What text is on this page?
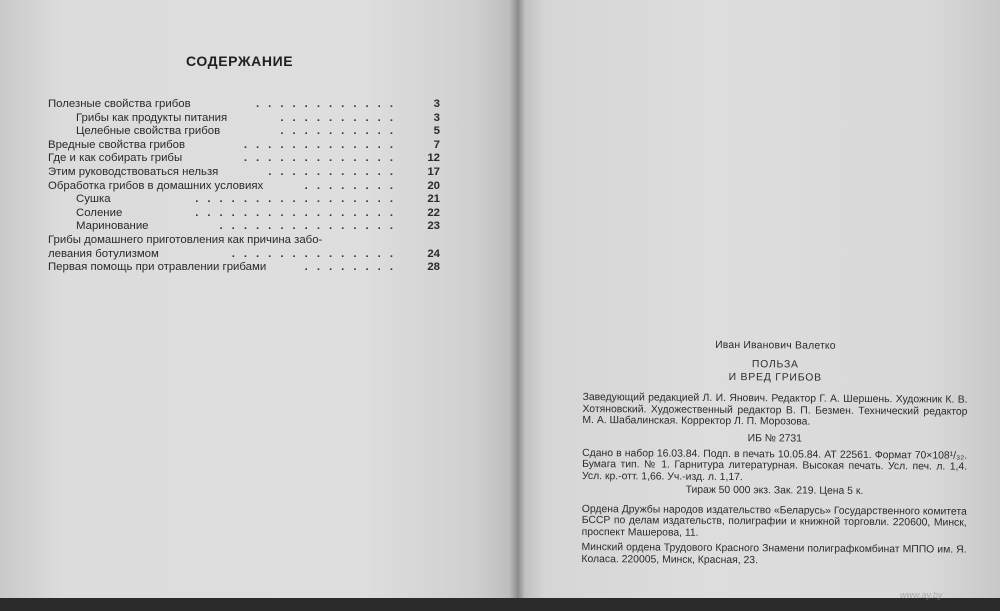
СОДЕРЖАНИЕ
............
Полезные свойства грибов	3
..........
Грибы как продукты питания	3
..........
Целебные свойства грибов	5
.............
Вредные свойства грибов	7
.............
Где и как собирать грибы	12
...........
Этим руководствоваться нельзя	17
........
Обработка грибов в домашних условиях	20
.................
Сушка	21
.................
Соление	22
...............
Маринование	23
Грибы домашнего приготовления как причина забо-
..............
левания ботулизмом	24
........
Первая помощь при отравлении грибами	28
Иван Иванович Валетко
ПОЛЬЗА
И ВРЕД ГРИБОВ
Заведующий редакцией Л. И. Янович. Редактор Г. А. Шершень. Художник К. В. Хотяновский. Художественный редактор В. П. Безмен. Технический редактор М. А. Шабалинская. Корректор Л. П. Морозова.
ИБ № 2731
Сдано в набор 16.03.84. Подп. в печать 10.05.84. АТ 22561. Формат 70×108¹/₃₂. Бумага тип. № 1. Гарнитура литературная. Высокая печать. Усл. печ. л. 1,4. Усл. кр.-отт. 1,66. Уч.-изд. л. 1,17.
Тираж 50 000 экз. Зак. 219. Цена 5 к.
Ордена Дружбы народов издательство «Беларусь» Государственного комитета БССР по делам издательств, полиграфии и книжной торговли. 220600, Минск, проспект Машерова, 11.
Минский ордена Трудового Красного Знамени полиграфкомбинат МППО им. Я. Коласа. 220005, Минск, Красная, 23.
www.ay.by
